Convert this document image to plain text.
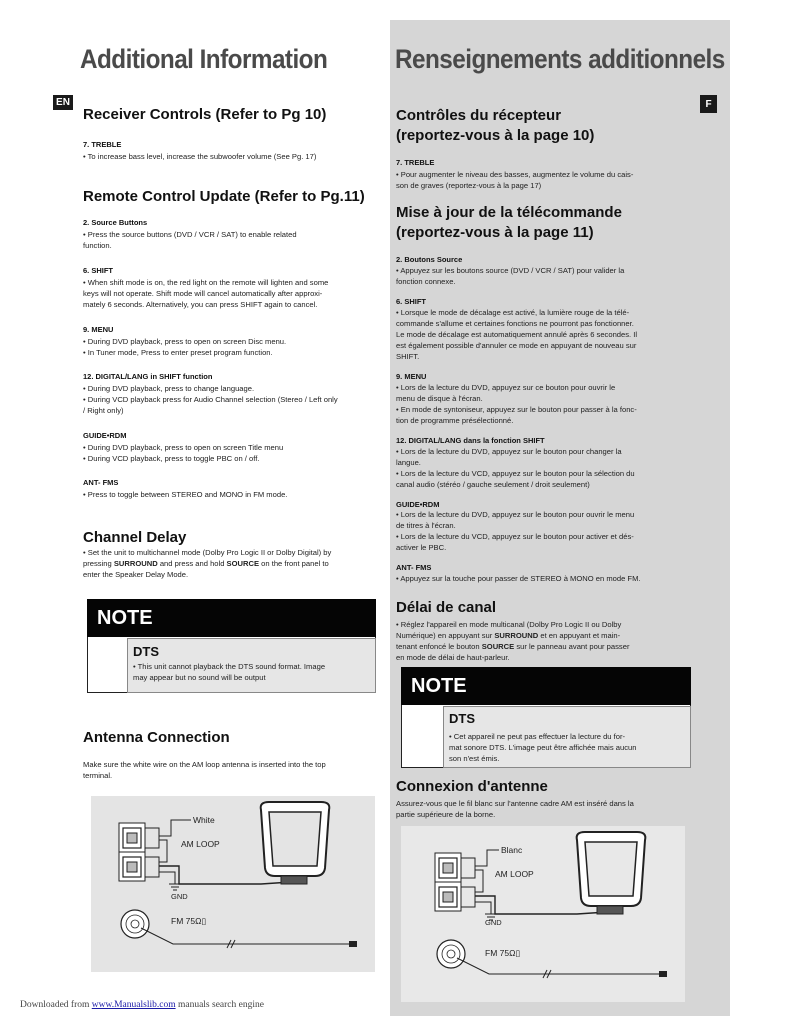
Additional Information
EN
Receiver Controls (Refer to Pg 10)
7. TREBLE
• To increase bass level, increase the subwoofer volume (See Pg. 17)
Remote Control Update (Refer to Pg.11)
2. Source Buttons
• Press the source buttons (DVD / VCR / SAT) to enable related
function.
6. SHIFT
• When shift mode is on, the red light on the remote will lighten and some
keys will not operate. Shift mode will cancel automatically after approxi-
mately 6 seconds. Alternatively, you can press SHIFT again to cancel.
9. MENU
• During DVD playback, press to open on screen Disc menu.
• In Tuner mode, Press to enter preset program function.
12. DIGITAL/LANG in SHIFT function
• During DVD playback, press to change language.
• During VCD playback press for Audio Channel selection (Stereo / Left only
/ Right only)
GUIDE•RDM
• During DVD playback, press to open on screen Title menu
• During VCD playback, press to toggle PBC on / off.
ANT- FMS
• Press to toggle between STEREO and MONO in FM mode.
Channel Delay
• Set the unit to multichannel mode (Dolby Pro Logic II or Dolby Digital) by
pressing SURROUND and press and hold SOURCE on the front panel to
enter the Speaker Delay Mode.
NOTE
DTS
• This unit cannot playback the DTS sound format. Image
may appear but no sound will be output
Antenna Connection
Make sure the white wire on the AM loop antenna is inserted into the top
terminal.
White
AM LOOP
GND
FM 75Ω▯
Renseignements additionnels
F
Contrôles du récepteur
(reportez-vous à la page 10)
7. TREBLE
• Pour augmenter le niveau des basses, augmentez le volume du cais-
son de graves (reportez-vous à la page 17)
Mise à jour de la télécommande
(reportez-vous à la page 11)
2. Boutons Source
• Appuyez sur les boutons source (DVD / VCR / SAT) pour valider la
fonction connexe.
6. SHIFT
• Lorsque le mode de décalage est activé, la lumière rouge de la télé-
commande s'allume et certaines fonctions ne pourront pas fonctionner.
Le mode de décalage est automatiquement annulé après 6 secondes. Il
est également possible d'annuler ce mode en appuyant de nouveau sur
SHIFT.
9. MENU
• Lors de la lecture du DVD, appuyez sur ce bouton pour ouvrir le
menu de disque à l'écran.
• En mode de syntoniseur, appuyez sur le bouton pour passer à la fonc-
tion de programme présélectionné.
12. DIGITAL/LANG dans la fonction SHIFT
• Lors de la lecture du DVD, appuyez sur le bouton pour changer la
langue.
• Lors de la lecture du VCD, appuyez sur le bouton pour la sélection du
canal audio (stéréo / gauche seulement / droit seulement)
GUIDE•RDM
• Lors de la lecture du DVD, appuyez sur le bouton pour ouvrir le menu
de titres à l'écran.
• Lors de la lecture du VCD, appuyez sur le bouton pour activer et dés-
activer le PBC.
ANT- FMS
• Appuyez sur la touche pour passer de STEREO à MONO en mode FM.
Délai de canal
• Réglez l'appareil en mode multicanal (Dolby Pro Logic II ou Dolby
Numérique) en appuyant sur SURROUND et en appuyant et main-
tenant enfoncé le bouton SOURCE sur le panneau avant pour passer
en mode de délai de haut-parleur.
NOTE
DTS
• Cet appareil ne peut pas effectuer la lecture du for-
mat sonore DTS. L'image peut être affichée mais aucun
son n'est émis.
Connexion d'antenne
Assurez-vous que le fil blanc sur l'antenne cadre AM est inséré dans la
partie supérieure de la borne.
Blanc
AM LOOP
GND
FM 75Ω▯
Downloaded from www.Manualslib.com manuals search engine
